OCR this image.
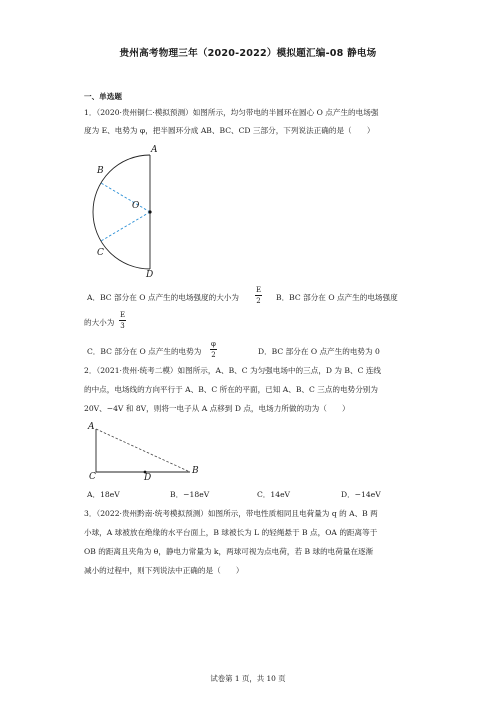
贵州高考物理三年（2020-2022）模拟题汇编-08 静电场
一、单选题
1．（2020·贵州铜仁·模拟预测）如图所示，均匀带电的半圆环在圆心 O 点产生的电场强
度为 E、电势为 φ，把半圆环分成 AB、BC、CD 三部分，下列说法正确的是（　　）
A
B
O
C
D
A．BC 部分在 O 点产生的电场强度的大小为
E
2 B．BC 部分在 O 点产生的电场强度
的大小为
E
3
C．BC 部分在 O 点产生的电势为
φ
2	D．BC 部分在 O 点产生的电势为 0
2．（2021·贵州·统考二模）如图所示，A、B、C 为匀强电场中的三点，D 为 B、C 连线
的中点，电场线的方向平行于 A、B、C 所在的平面，已知 A、B、C 三点的电势分别为
20V、−4V 和 8V，则将一电子从 A 点移到 D 点，电场力所做的功为（　　）
A
B
C	D
A．18eV	B．−18eV	C．14eV	D．−14eV
3．（2022·贵州黔南·统考模拟预测）如图所示，带电性质相同且电荷量为 q 的 A、B 两
小球，A 球被放在绝缘的水平台面上，B 球被长为 L 的轻绳悬于 B 点，OA 的距离等于
OB 的距离且夹角为 θ，静电力常量为 k，两球可视为点电荷，若 B 球的电荷量在逐渐
减小的过程中，则下列说法中正确的是（　　）
试卷第 1 页，共 10 页
